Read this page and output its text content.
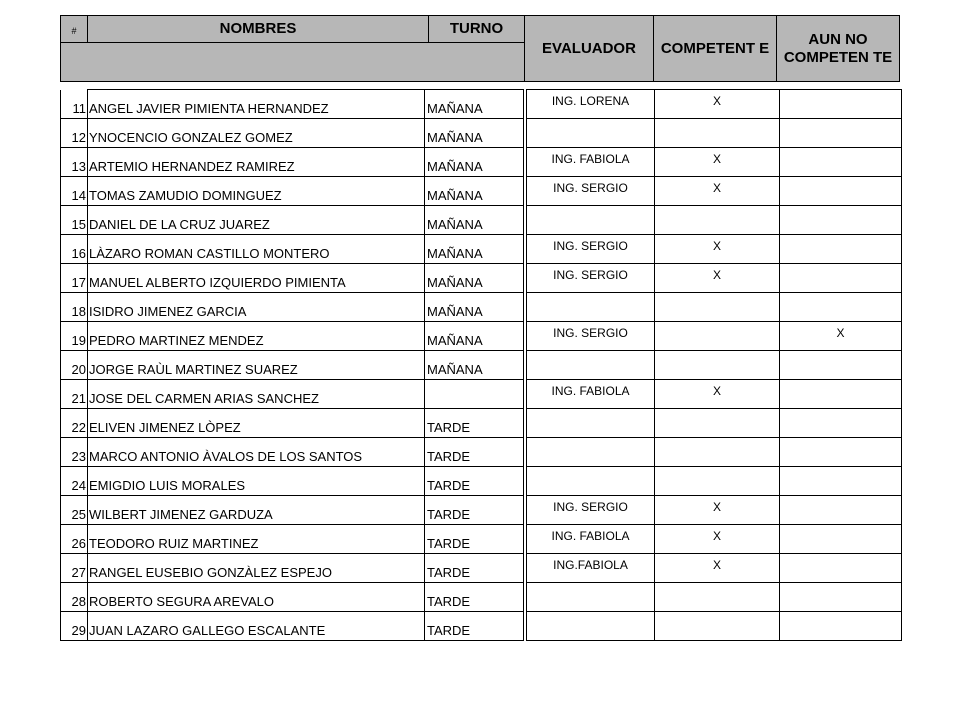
#	NOMBRES	TURNO
EVALUADOR	COMPETENT E
AUN NO COMPETEN TE
11	ANGEL JAVIER PIMIENTA HERNANDEZ	MAÑANA		ING. LORENA	X	
12	YNOCENCIO GONZALEZ GOMEZ	MAÑANA				
13	ARTEMIO HERNANDEZ RAMIREZ	MAÑANA		ING. FABIOLA	X	
14	TOMAS ZAMUDIO DOMINGUEZ	MAÑANA		ING. SERGIO	X	
15	DANIEL DE LA CRUZ JUAREZ	MAÑANA				
16	LÀZARO ROMAN CASTILLO MONTERO	MAÑANA		ING. SERGIO	X	
17	MANUEL ALBERTO IZQUIERDO PIMIENTA	MAÑANA		ING. SERGIO	X	
18	ISIDRO JIMENEZ GARCIA	MAÑANA				
19	PEDRO MARTINEZ MENDEZ	MAÑANA		ING. SERGIO		X
20	JORGE RAÙL MARTINEZ SUAREZ	MAÑANA				
21	JOSE DEL CARMEN ARIAS SANCHEZ			ING. FABIOLA	X	
22	ELIVEN JIMENEZ LÒPEZ	TARDE				
23	MARCO ANTONIO ÀVALOS DE LOS SANTOS	TARDE				
24	EMIGDIO LUIS MORALES	TARDE				
25	WILBERT JIMENEZ GARDUZA	TARDE		ING. SERGIO	X	
26	TEODORO RUIZ MARTINEZ	TARDE		ING. FABIOLA	X	
27	RANGEL EUSEBIO GONZÀLEZ ESPEJO	TARDE		ING.FABIOLA	X	
28	ROBERTO SEGURA AREVALO	TARDE				
29	JUAN LAZARO GALLEGO ESCALANTE	TARDE				
